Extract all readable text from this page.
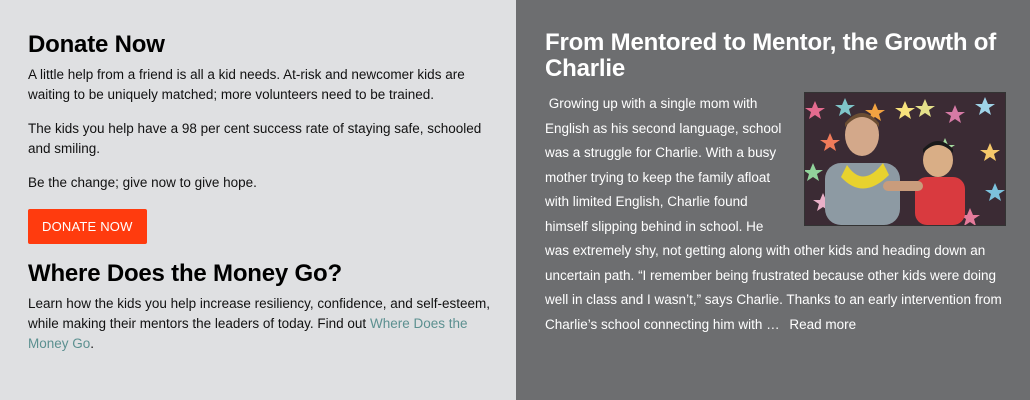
Donate Now

A little help from a friend is all a kid needs. At-risk and newcomer kids are waiting to be uniquely matched; more volunteers need to be trained.

The kids you help have a 98 per cent success rate of staying safe, schooled and smiling.

Be the change; give now to give hope.

DONATE NOW
Where Does the Money Go?

Learn how the kids you help increase resiliency, confidence, and self-esteem, while making their mentors the leaders of today. Find out Where Does the Money Go.

From Mentored to Mentor, the Growth of Charlie
Growing up with a single mom with English as his second language, school was a struggle for Charlie. With a busy mother trying to keep the family afloat with limited English, Charlie found himself slipping behind in school. He was extremely shy, not getting along with other kids and heading down an uncertain path. “I remember being frustrated because other kids were doing well in class and I wasn’t,” says Charlie. Thanks to an early intervention from Charlie’s school connecting him with … Read more
